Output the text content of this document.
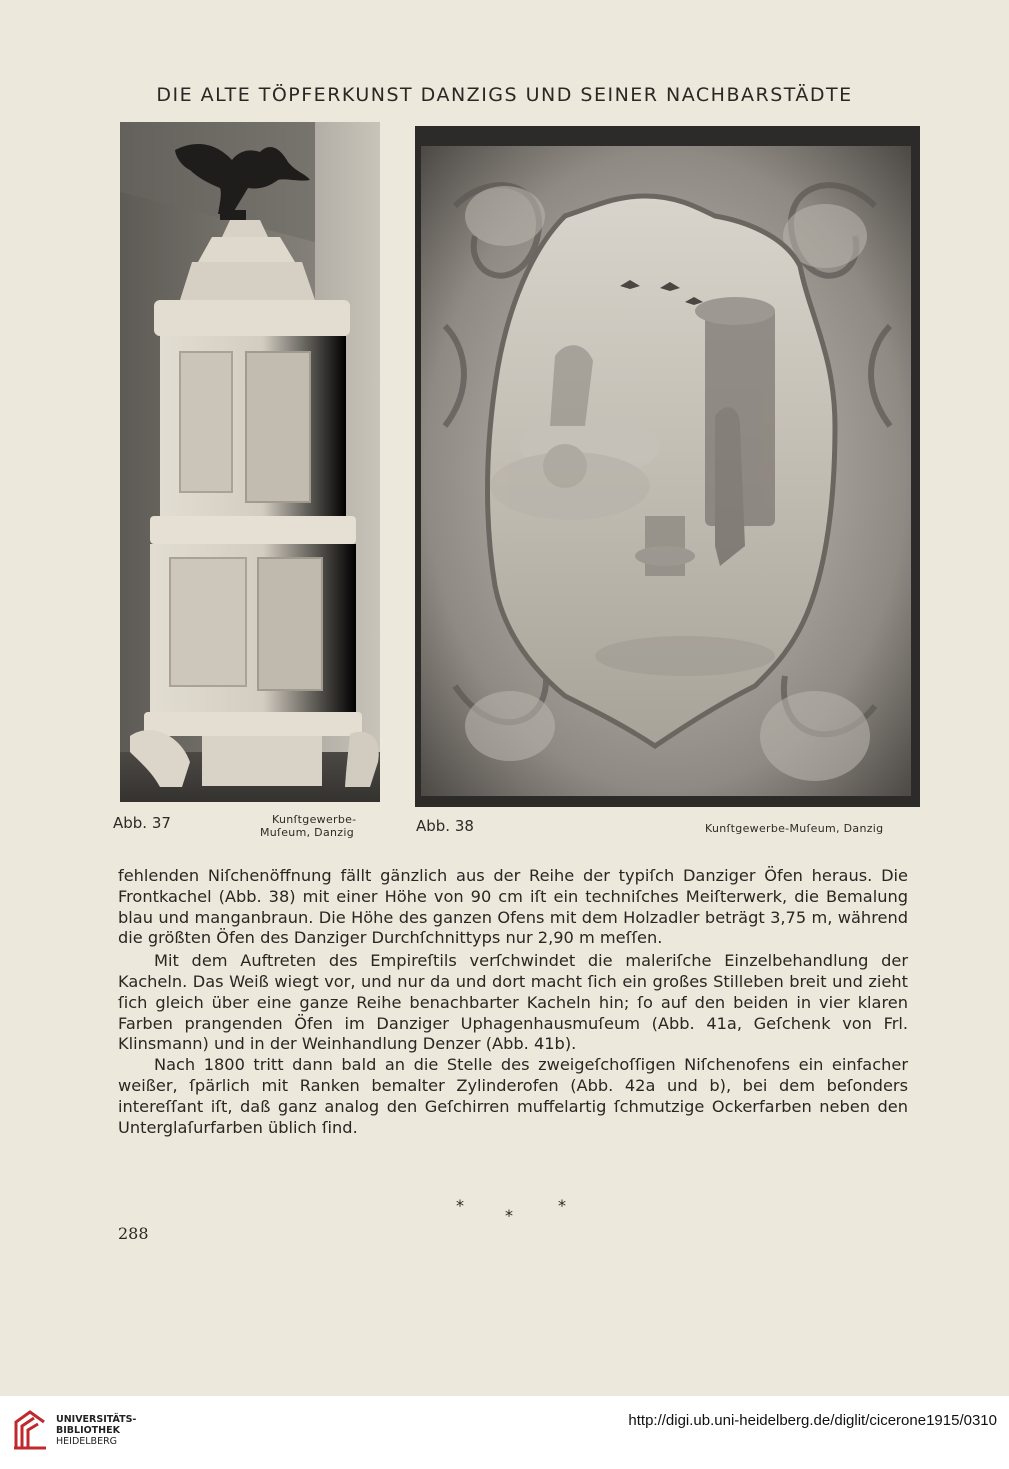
DIE ALTE TÖPFERKUNST DANZIGS UND SEINER NACHBARSTÄDTE
Abb. 37	Kunſtgewerbe-
Muſeum, Danzig	Abb. 38	Kunſtgewerbe-Muſeum, Danzig

fehlenden Niſchenöffnung fällt gänzlich aus der Reihe der typiſch Danziger Öfen heraus. Die Frontkachel (Abb. 38) mit einer Höhe von 90 cm iſt ein techniſches Meiſterwerk, die Bemalung blau und manganbraun. Die Höhe des ganzen Ofens mit dem Holzadler beträgt 3,75 m, während die größten Öfen des Danziger Durchſchnittyps nur 2,90 m meſſen.

Mit dem Auftreten des Empireſtils verſchwindet die maleriſche Einzelbehandlung der Kacheln. Das Weiß wiegt vor, und nur da und dort macht ſich ein großes Stilleben breit und zieht ſich gleich über eine ganze Reihe benachbarter Kacheln hin; ſo auf den beiden in vier klaren Farben prangenden Öfen im Danziger Uphagenhausmuſeum (Abb. 41a, Geſchenk von Frl. Klinsmann) und in der Weinhandlung Denzer (Abb. 41b).

Nach 1800 tritt dann bald an die Stelle des zweigeſchoſſigen Niſchenofens ein einfacher weißer, ſpärlich mit Ranken bemalter Zylinderofen (Abb. 42a und b), bei dem beſonders intereſſant iſt, daß ganz analog den Geſchirren muffelartig ſchmutzige Ockerfarben neben den Unterglaſurfarben üblich ſind.

*
*
*
288
UNIVERSITÄTS-
BIBLIOTHEK
HEIDELBERG
http://digi.ub.uni-heidelberg.de/diglit/cicerone1915/0310
